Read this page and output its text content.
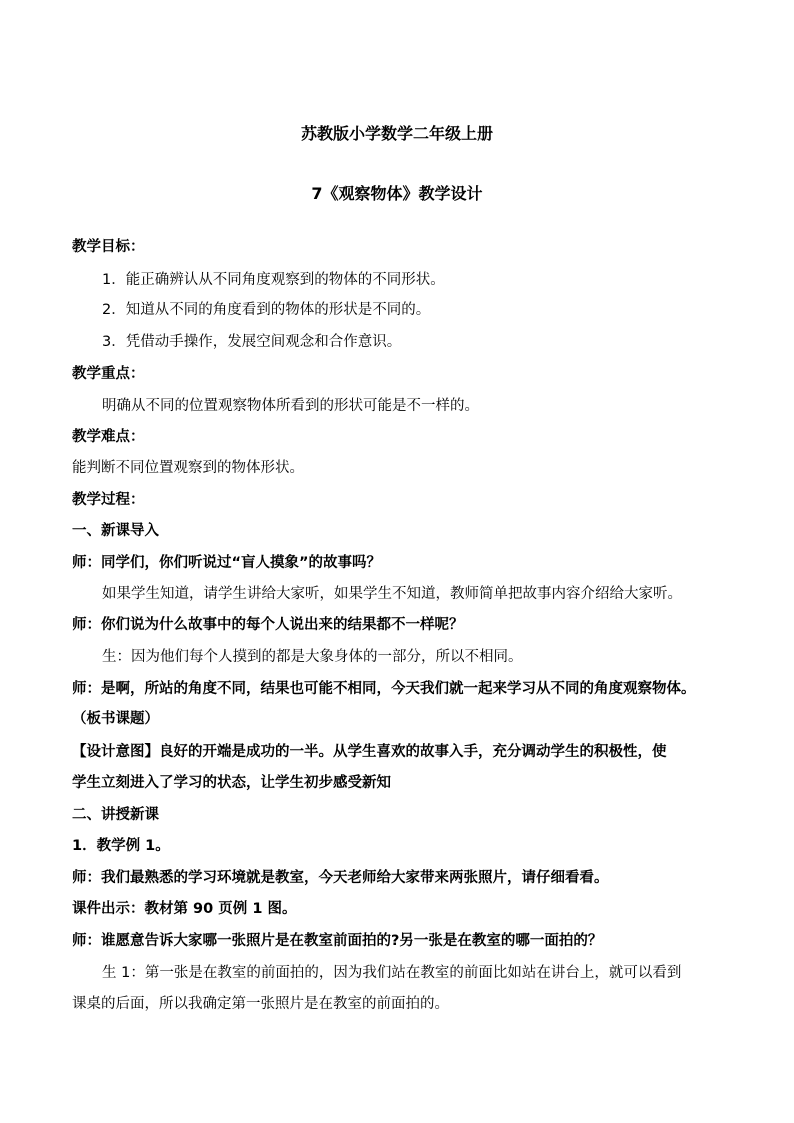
苏教版小学数学二年级上册
7《观察物体》教学设计
教学目标：
1．能正确辨认从不同角度观察到的物体的不同形状。
2．知道从不同的角度看到的物体的形状是不同的。
3．凭借动手操作，发展空间观念和合作意识。
教学重点：
明确从不同的位置观察物体所看到的形状可能是不一样的。
教学难点：
能判断不同位置观察到的物体形状。
教学过程：
一、新课导入
师：同学们，你们听说过“盲人摸象”的故事吗？
如果学生知道，请学生讲给大家听，如果学生不知道，教师简单把故事内容介绍给大家听。
师：你们说为什么故事中的每个人说出来的结果都不一样呢？
生：因为他们每个人摸到的都是大象身体的一部分，所以不相同。
师：是啊，所站的角度不同，结果也可能不相同，今天我们就一起来学习从不同的角度观察物体。
（板书课题）
【设计意图】良好的开端是成功的一半。从学生喜欢的故事入手，充分调动学生的积极性，使
学生立刻进入了学习的状态，让学生初步感受新知
二、讲授新课
1．教学例 1。
师：我们最熟悉的学习环境就是教室，今天老师给大家带来两张照片，请仔细看看。
课件出示：教材第 90 页例 1 图。
师：谁愿意告诉大家哪一张照片是在教室前面拍的?另一张是在教室的哪一面拍的？
生 1：第一张是在教室的前面拍的，因为我们站在教室的前面比如站在讲台上，就可以看到
课桌的后面，所以我确定第一张照片是在教室的前面拍的。
